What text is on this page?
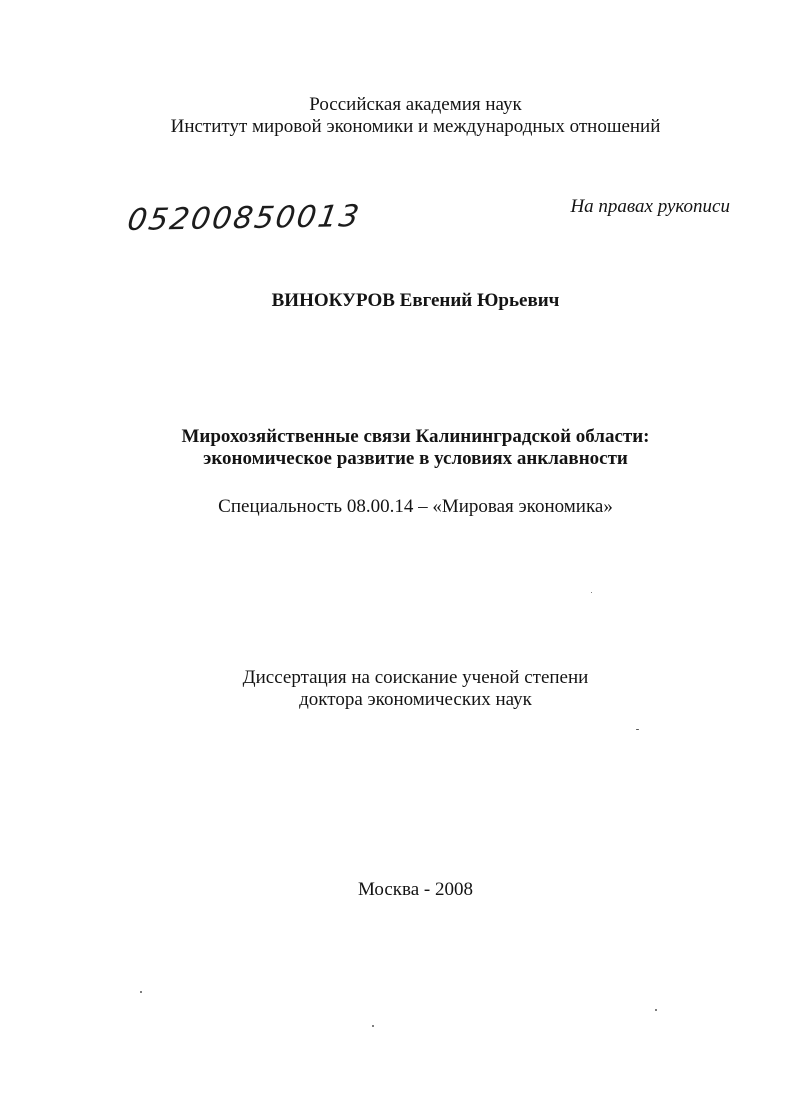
Российская академия наук
Институт мировой экономики и международных отношений
05200850013	На правах рукописи
ВИНОКУРОВ Евгений Юрьевич
Мирохозяйственные связи Калининградской области:
экономическое развитие в условиях анклавности
Специальность 08.00.14 – «Мировая экономика»
Диссертация на соискание ученой степени
доктора экономических наук
Москва - 2008
